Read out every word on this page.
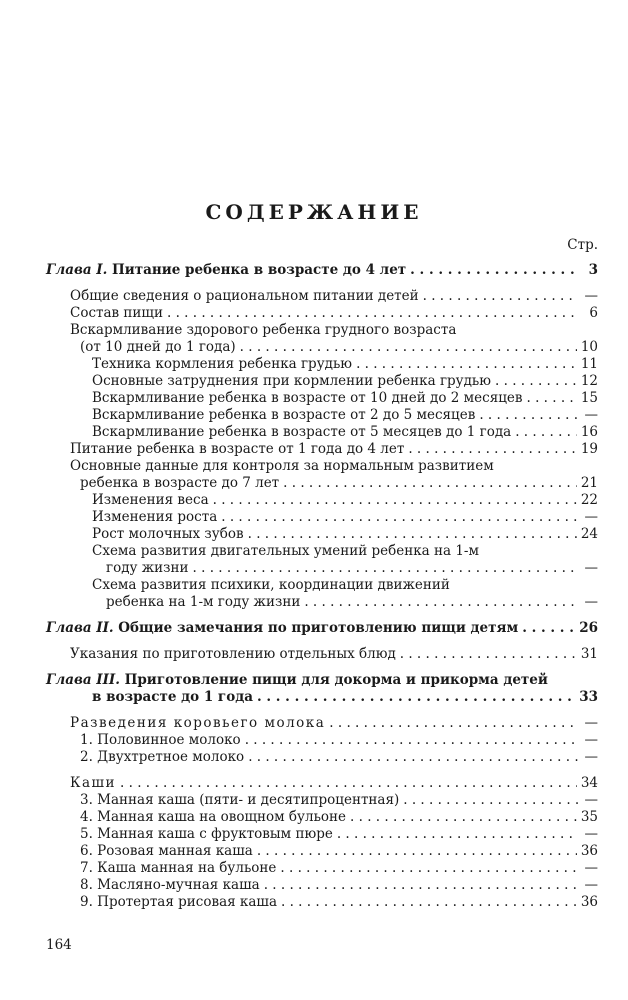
СОДЕРЖАНИЕ
Стр.
Глава I. Питание ребенка в возрасте до 4 лет . . .	3
Общие сведения о рациональном питании детей . . .	—
Состав пищи . . .	6
Вскармливание здорового ребенка грудного возраста
(от 10 дней до 1 года) . . .	10
Техника кормления ребенка грудью . . .	11
Основные затруднения при кормлении ребенка грудью . . .	12
Вскармливание ребенка в возрасте от 10 дней до 2 месяцев . . .	15
Вскармливание ребенка в возрасте от 2 до 5 месяцев . . .	—
Вскармливание ребенка в возрасте от 5 месяцев до 1 года . . .	16
Питание ребенка в возрасте от 1 года до 4 лет . . .	19
Основные данные для контроля за нормальным развитием
ребенка в возрасте до 7 лет . . .	21
Изменения веса . . .	22
Изменения роста . . .	—
Рост молочных зубов . . .	24
Схема развития двигательных умений ребенка на 1-м
году жизни . . .	—
Схема развития психики, координации движений
ребенка на 1-м году жизни . . .	—
Глава II. Общие замечания по приготовлению пищи детям . . .	26
Указания по приготовлению отдельных блюд . . .	31
Глава III. Приготовление пищи для докорма и прикорма детей
в возрасте до 1 года . . .	33
Разведения коровьего молока . . .	—
1. Половинное молоко . . .	—
2. Двухтретное молоко . . .	—
Каши . . .	34
3. Манная каша (пяти- и десятипроцентная) . . .	—
4. Манная каша на овощном бульоне . . .	35
5. Манная каша с фруктовым пюре . . .	—
6. Розовая манная каша . . .	36
7. Каша манная на бульоне . . .	—
8. Масляно-мучная каша . . .	—
9. Протертая рисовая каша . . .	36
164
